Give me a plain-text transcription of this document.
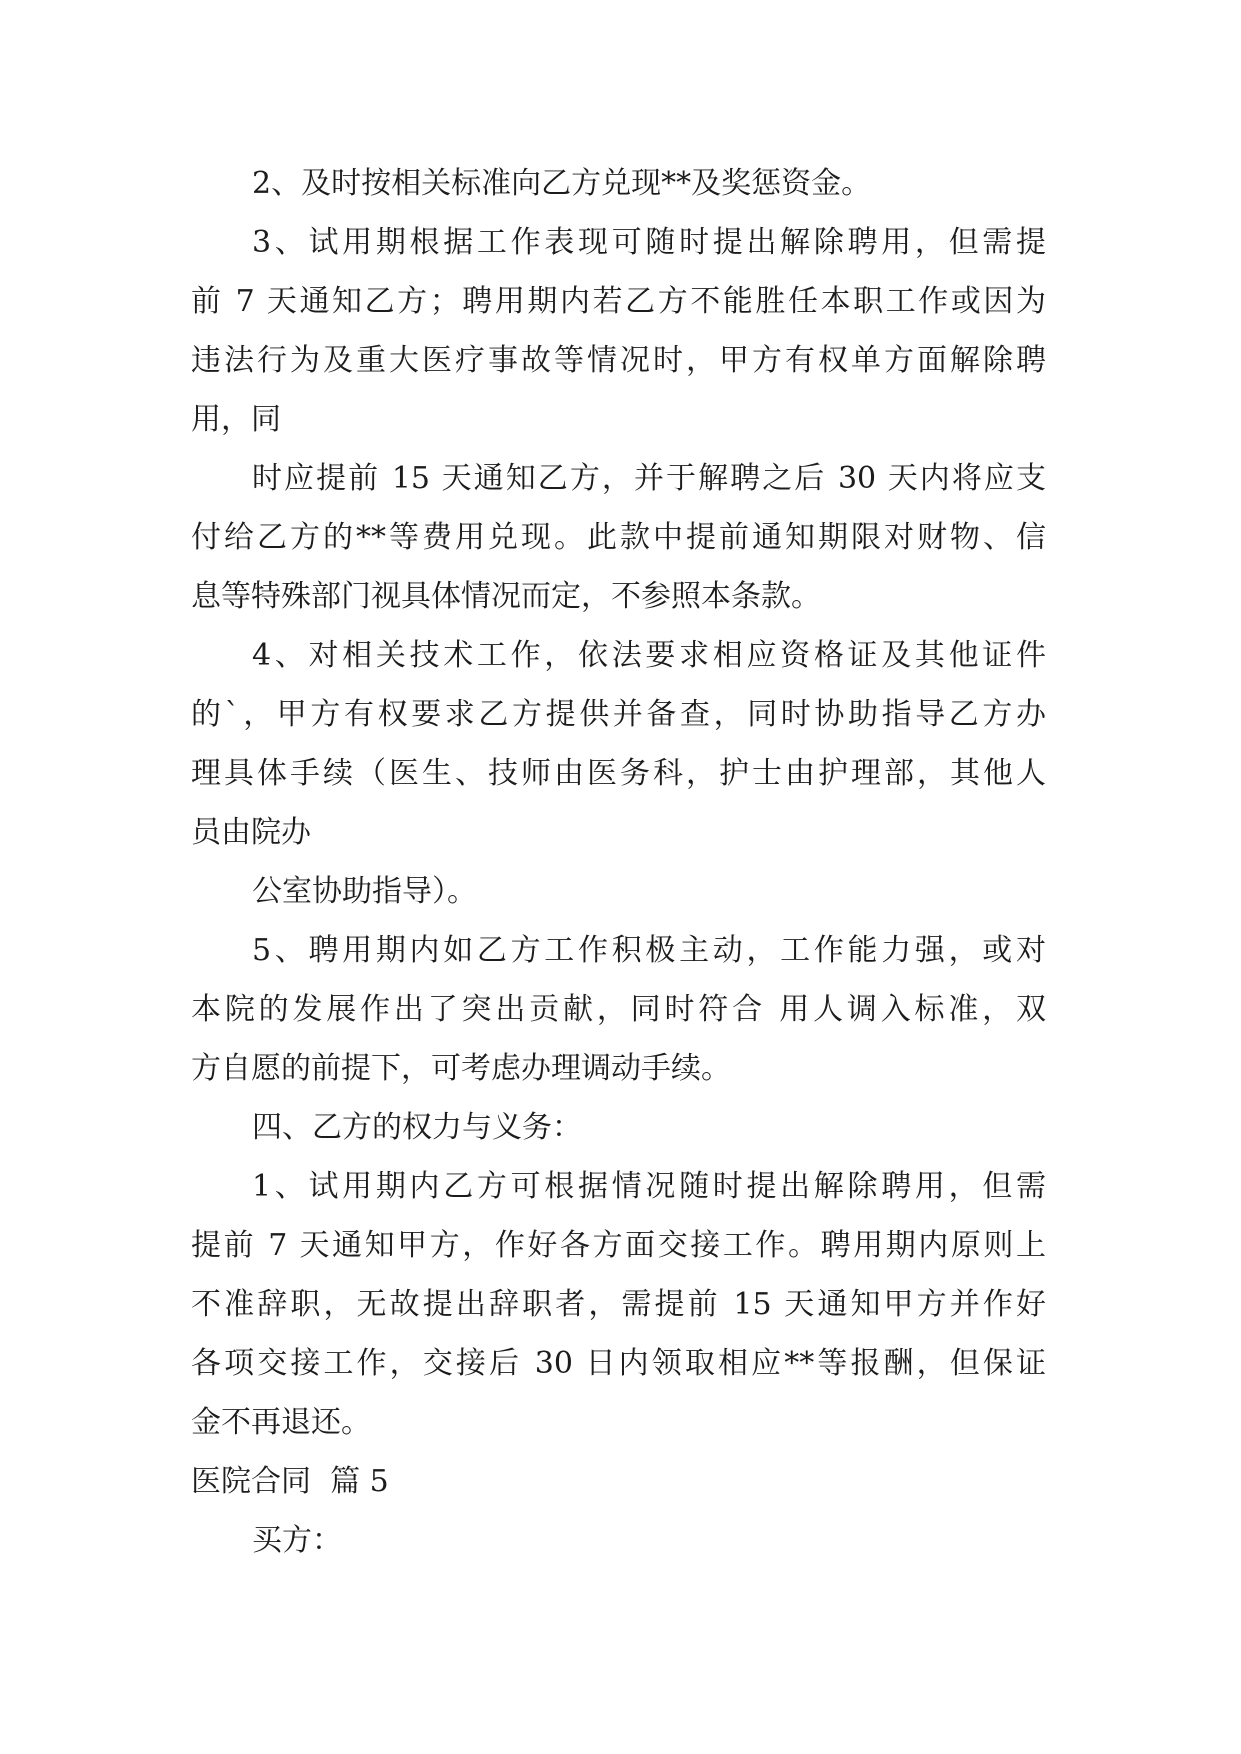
2、及时按相关标准向乙方兑现**及奖惩资金。

3、试用期根据工作表现可随时提出解除聘用，但需提

前 7 天通知乙方；聘用期内若乙方不能胜任本职工作或因为

违法行为及重大医疗事故等情况时，甲方有权单方面解除聘

用，同

时应提前 15 天通知乙方，并于解聘之后 30 天内将应支

付给乙方的**等费用兑现。此款中提前通知期限对财物、信

息等特殊部门视具体情况而定，不参照本条款。

4、对相关技术工作，依法要求相应资格证及其他证件

的`，甲方有权要求乙方提供并备查，同时协助指导乙方办

理具体手续（医生、技师由医务科，护士由护理部，其他人

员由院办

公室协助指导）。

5、聘用期内如乙方工作积极主动，工作能力强，或对

本院的发展作出了突出贡献，同时符合 用人调入标准，双

方自愿的前提下，可考虑办理调动手续。

四、乙方的权力与义务：

1、试用期内乙方可根据情况随时提出解除聘用，但需

提前 7 天通知甲方，作好各方面交接工作。聘用期内原则上

不准辞职，无故提出辞职者，需提前 15 天通知甲方并作好

各项交接工作，交接后 30 日内领取相应**等报酬，但保证

金不再退还。

医院合同  篇 5

买方：
